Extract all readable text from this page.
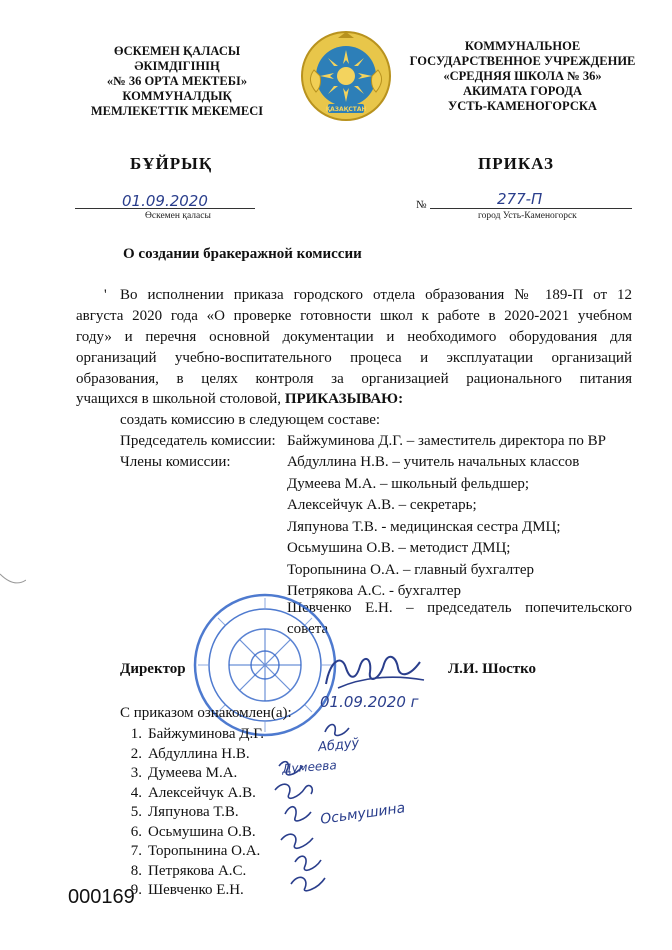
ӨСКЕМЕН ҚАЛАСЫ
ӘКІМДІГІНІҢ
«№ 36 ОРТА МЕКТЕБІ»
КОММУНАЛДЫҚ
МЕМЛЕКЕТТІК МЕКЕМЕСІ	ҚАЗАҚСТАН
КОММУНАЛЬНОЕ
ГОСУДАРСТВЕННОЕ УЧРЕЖДЕНИЕ
«СРЕДНЯЯ ШКОЛА № 36»
АКИМАТА ГОРОДА
УСТЬ-КАМЕНОГОРСКА
БҰЙРЫҚ	ПРИКАЗ
01.09.2020
Өскемен қаласы
№	277-П
город Усть-Каменогорск
О создании бракеражной комиссии
' Во исполнении приказа городского отдела образования № 189-П от 12
августа 2020 года «О проверке готовности школ к работе в 2020-2021 учебном
году» и перечня основной документации и необходимого оборудования для
организаций учебно-воспитательного процеса и эксплуатации организаций
образования, в целях контроля за организацией рационального питания
учащихся в школьной столовой, ПРИКАЗЫВАЮ:
создать комиссию в следующем составе:
Председатель комиссии: Байжуминова Д.Г. – заместитель директора по ВР
Члены комиссии:	Абдуллина Н.В. – учитель начальных классов
Думеева М.А. – школьный фельдшер;
Алексейчук А.В. – секретарь;
Ляпунова Т.В. - медицинская сестра ДМЦ;
Осьмушина О.В. – методист ДМЦ;
Торопынина О.А. – главный бухгалтер
Петрякова А.С. - бухгалтер
Шевченко Е.Н. – председатель попечительского
совета
Директор	Л.И. Шостко
С приказом ознакомлен(а):
01.09.2020 г
1. Байжуминова Д.Г.
2. Абдуллина Н.В.
3. Думеева М.А.
4. Алексейчук А.В.
5. Ляпунова Т.В.
6. Осьмушина О.В.
7. Торопынина О.А.
8. Петрякова А.С.
9. Шевченко Е.Н.
Абдуў
Думеева
Осьмушина
000169
